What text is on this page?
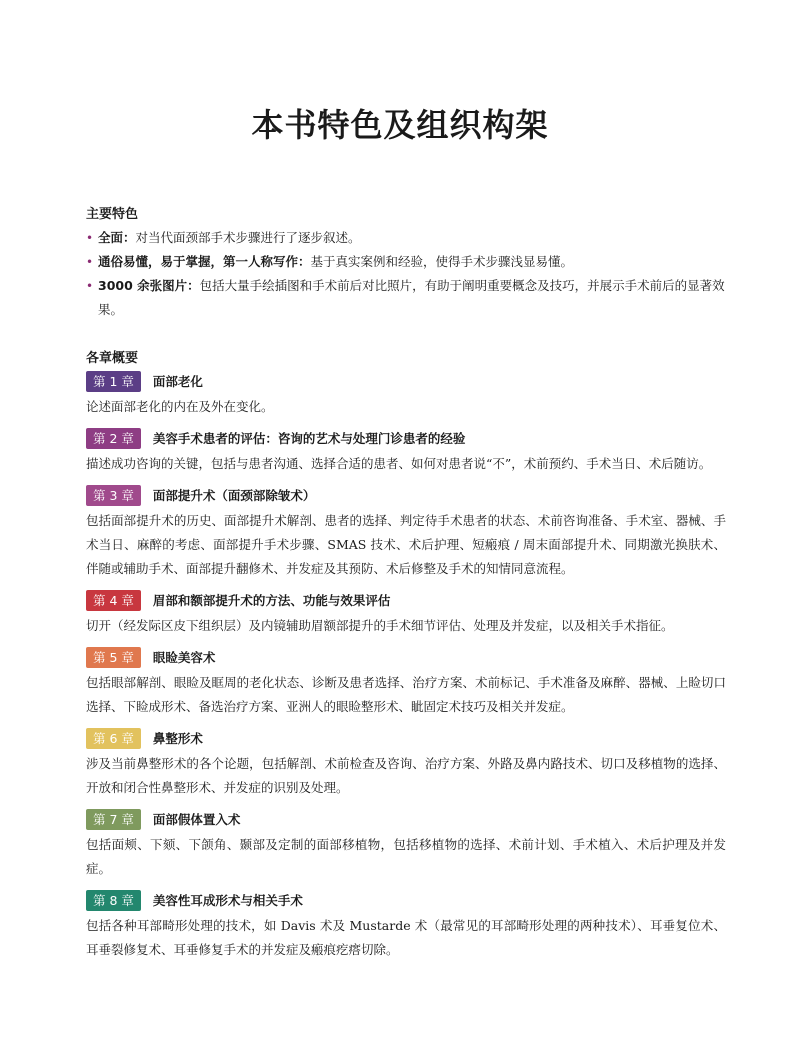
本书特色及组织构架
主要特色
• 全面：对当代面颈部手术步骤进行了逐步叙述。
• 通俗易懂，易于掌握，第一人称写作：基于真实案例和经验，使得手术步骤浅显易懂。
• 3000 余张图片：包括大量手绘插图和手术前后对比照片，有助于阐明重要概念及技巧，并展示手术前后的显著效果。
各章概要
第 1 章	面部老化

论述面部老化的内在及外在变化。

第 2 章	美容手术患者的评估：咨询的艺术与处理门诊患者的经验

描述成功咨询的关键，包括与患者沟通、选择合适的患者、如何对患者说“不”，术前预约、手术当日、术后随访。

第 3 章	面部提升术（面颈部除皱术）

包括面部提升术的历史、面部提升术解剖、患者的选择、判定待手术患者的状态、术前咨询准备、手术室、器械、手术当日、麻醉的考虑、面部提升手术步骤、SMAS 技术、术后护理、短瘢痕 / 周末面部提升术、同期激光换肤术、伴随或辅助手术、面部提升翻修术、并发症及其预防、术后修整及手术的知情同意流程。

第 4 章	眉部和额部提升术的方法、功能与效果评估

切开（经发际区皮下组织层）及内镜辅助眉额部提升的手术细节评估、处理及并发症，以及相关手术指征。

第 5 章	眼睑美容术

包括眼部解剖、眼睑及眶周的老化状态、诊断及患者选择、治疗方案、术前标记、手术准备及麻醉、器械、上睑切口选择、下睑成形术、备选治疗方案、亚洲人的眼睑整形术、眦固定术技巧及相关并发症。

第 6 章	鼻整形术

涉及当前鼻整形术的各个论题，包括解剖、术前检查及咨询、治疗方案、外路及鼻内路技术、切口及移植物的选择、开放和闭合性鼻整形术、并发症的识别及处理。

第 7 章	面部假体置入术

包括面颊、下颏、下颌角、颞部及定制的面部移植物，包括移植物的选择、术前计划、手术植入、术后护理及并发症。

第 8 章	美容性耳成形术与相关手术

包括各种耳部畸形处理的技术，如 Davis 术及 Mustarde 术（最常见的耳部畸形处理的两种技术）、耳垂复位术、耳垂裂修复术、耳垂修复手术的并发症及瘢痕疙瘩切除。
